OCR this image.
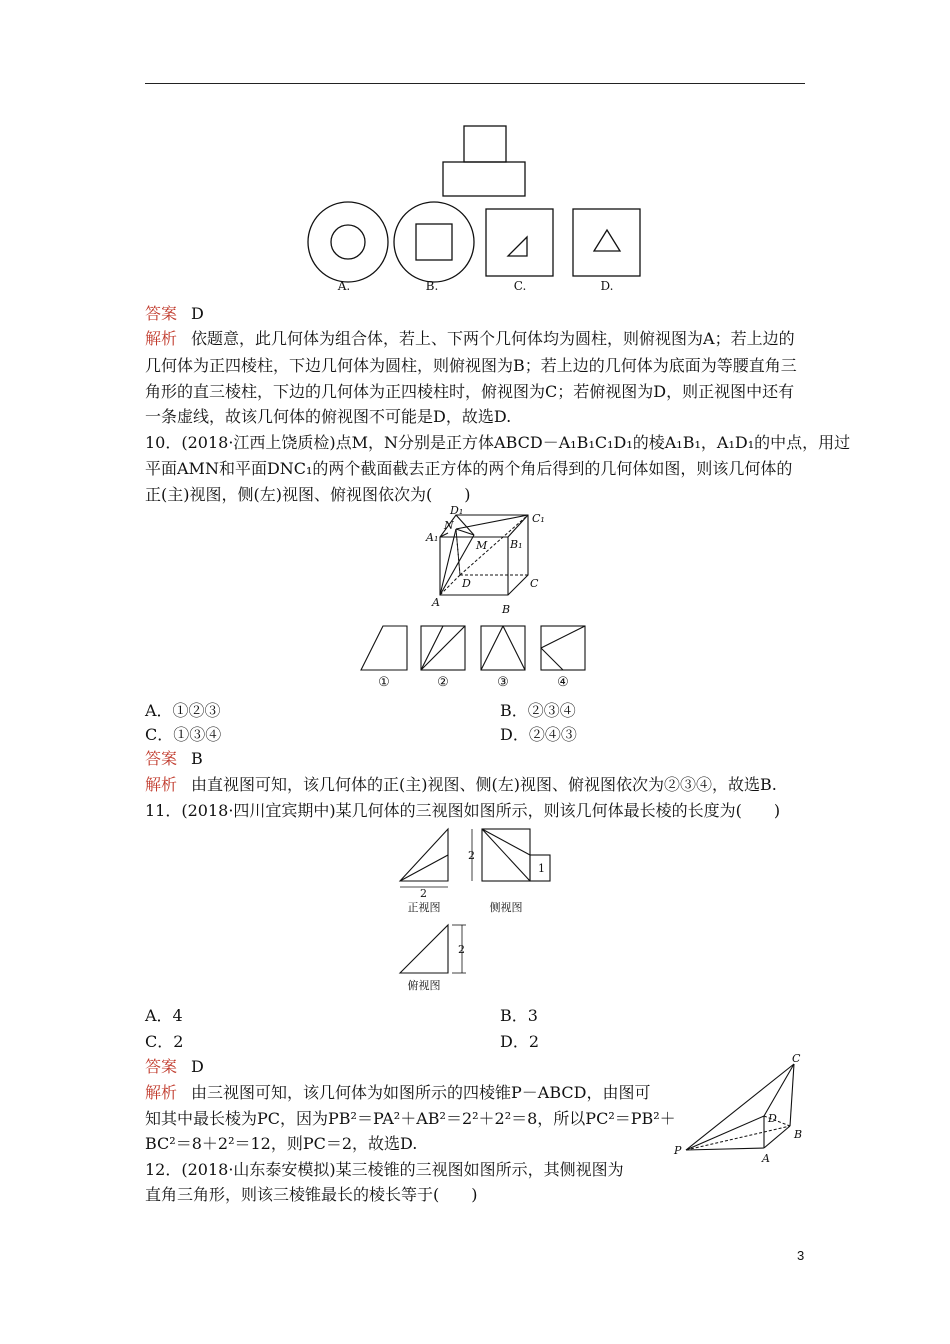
A.	B.	C.	D.
答案 D
解析 依题意，此几何体为组合体，若上、下两个几何体均为圆柱，则俯视图为A；若上边的
几何体为正四棱柱，下边几何体为圆柱，则俯视图为B；若上边的几何体为底面为等腰直角三
角形的直三棱柱，下边的几何体为正四棱柱时，俯视图为C；若俯视图为D，则正视图中还有
一条虚线，故该几何体的俯视图不可能是D，故选D.
10．(2018·江西上饶质检)点M，N分别是正方体ABCD－A₁B₁C₁D₁的棱A₁B₁，A₁D₁的中点，用过
平面AMN和平面DNC₁的两个截面截去正方体的两个角后得到的几何体如图，则该几何体的
正(主)视图，侧(左)视图、俯视图依次为(　　)
D₁
N
C₁
A₁
M B₁
D	C
A
B
①	②	③	④
A．①②③	B．②③④
C．①③④	D．②④③
答案 B
解析 由直视图可知，该几何体的正(主)视图、侧(左)视图、俯视图依次为②③④，故选B.
11．(2018·四川宜宾期中)某几何体的三视图如图所示，则该几何体最长棱的长度为(　　)
2
2
1
2
正视图	侧视图
俯视图
A．4	B．3
C．2	D．2
答案 D
解析 由三视图可知，该几何体为如图所示的四棱锥P－ABCD，由图可
知其中最长棱为PC，因为PB²＝PA²＋AB²＝2²＋2²＝8，所以PC²＝PB²＋
BC²＝8＋2²＝12，则PC＝2，故选D.
C
D
B
P
A
12．(2018·山东泰安模拟)某三棱锥的三视图如图所示，其侧视图为
直角三角形，则该三棱锥最长的棱长等于(　　)
3
